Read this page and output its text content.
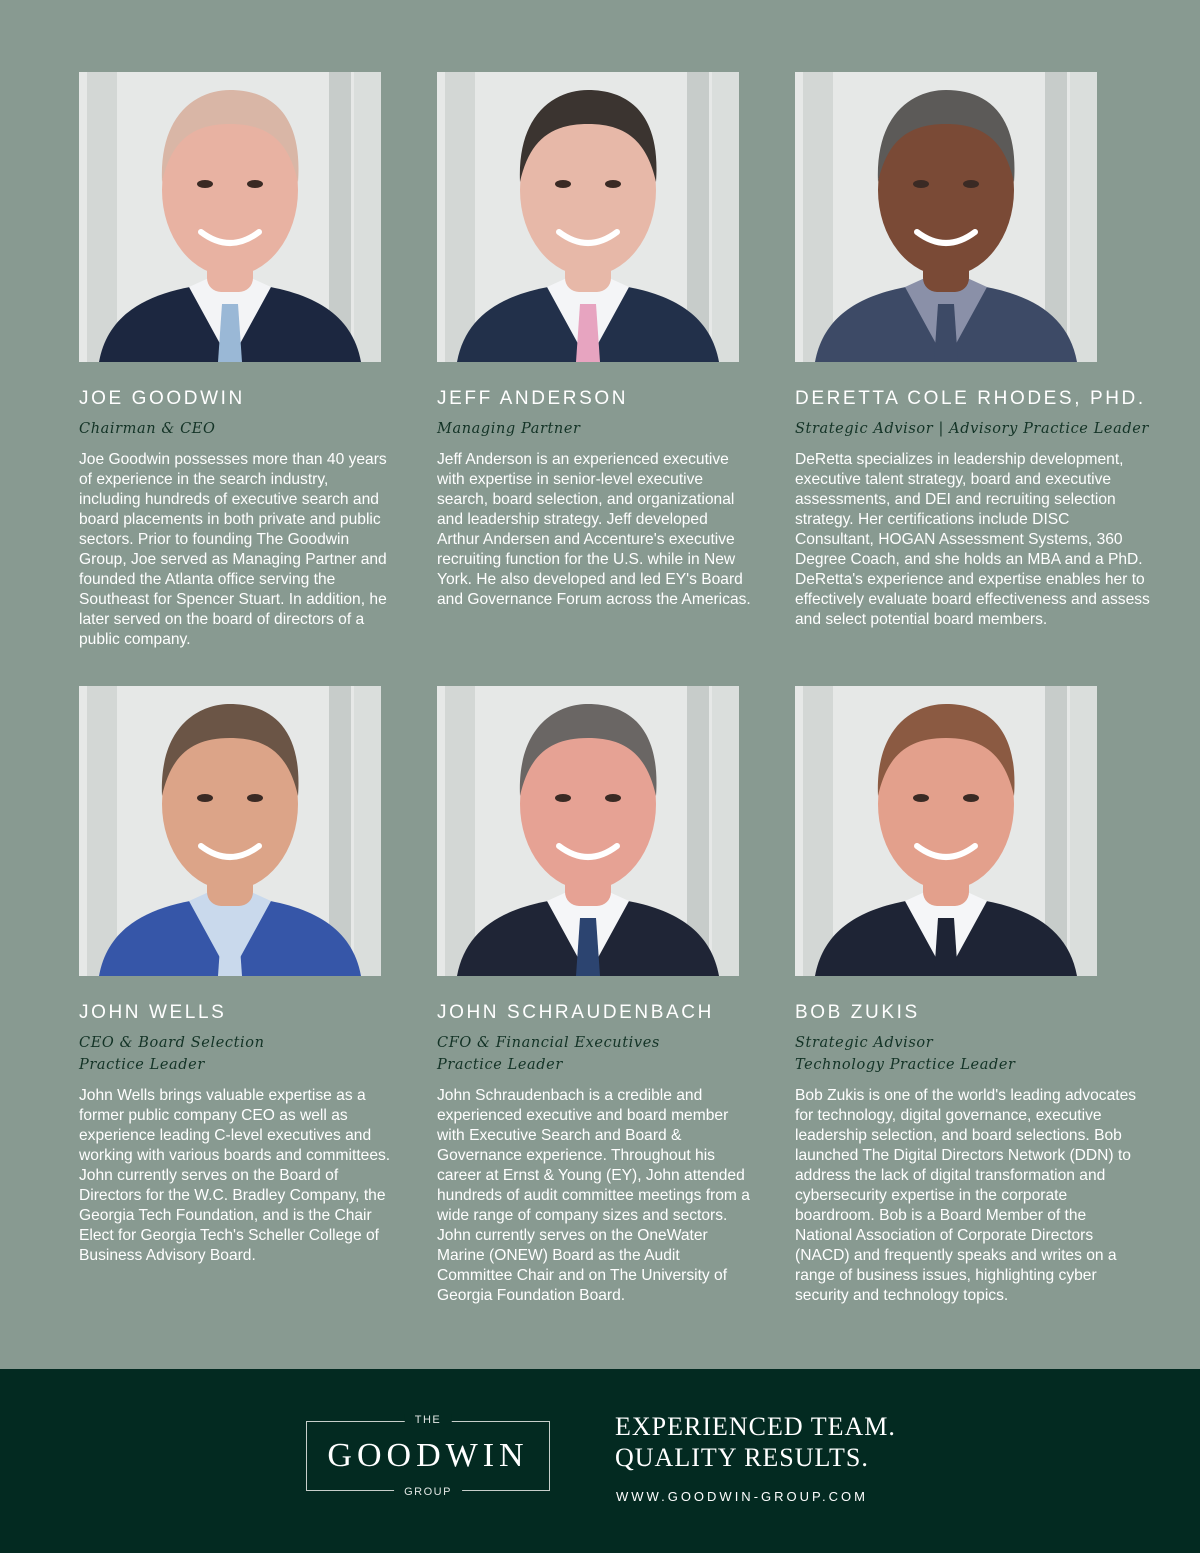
JOE GOODWIN
Chairman & CEO
Joe Goodwin possesses more than 40 years of experience in the search industry, including hundreds of executive search and board placements in both private and public sectors. Prior to founding The Goodwin Group, Joe served as Managing Partner and founded the Atlanta office serving the Southeast for Spencer Stuart. In addition, he later served on the board of directors of a public company.
JEFF ANDERSON
Managing Partner
Jeff Anderson is an experienced executive with expertise in senior-level executive search, board selection, and organizational and leadership strategy. Jeff developed Arthur Andersen and Accenture's executive recruiting function for the U.S. while in New York. He also developed and led EY's Board and Governance Forum across the Americas.
DERETTA COLE RHODES, PHD.
Strategic Advisor | Advisory Practice Leader
DeRetta specializes in leadership development, executive talent strategy, board and executive assessments, and DEI and recruiting selection strategy. Her certifications include DISC Consultant, HOGAN Assessment Systems, 360 Degree Coach, and she holds an MBA and a PhD. DeRetta's experience and expertise enables her to effectively evaluate board effectiveness and assess and select potential board members.
JOHN WELLS
CEO & Board Selection
Practice Leader
John Wells brings valuable expertise as a former public company CEO as well as experience leading C-level executives and working with various boards and committees. John currently serves on the Board of Directors for the W.C. Bradley Company, the Georgia Tech Foundation, and is the Chair Elect for Georgia Tech's Scheller College of Business Advisory Board.
JOHN SCHRAUDENBACH
CFO & Financial Executives
Practice Leader
John Schraudenbach is a credible and experienced executive and board member with Executive Search and Board & Governance experience. Throughout his career at Ernst & Young (EY), John attended hundreds of audit committee meetings from a wide range of company sizes and sectors. John currently serves on the OneWater Marine (ONEW) Board as the Audit Committee Chair and on The University of Georgia Foundation Board.
BOB ZUKIS
Strategic Advisor
Technology Practice Leader
Bob Zukis is one of the world's leading advocates for technology, digital governance, executive leadership selection, and board selections. Bob launched The Digital Directors Network (DDN) to address the lack of digital transformation and cybersecurity expertise in the corporate boardroom. Bob is a Board Member of the National Association of Corporate Directors (NACD) and frequently speaks and writes on a range of business issues, highlighting cyber security and technology topics.
THE
GOODWIN
GROUP
EXPERIENCED TEAM.
QUALITY RESULTS.
WWW.GOODWIN-GROUP.COM
